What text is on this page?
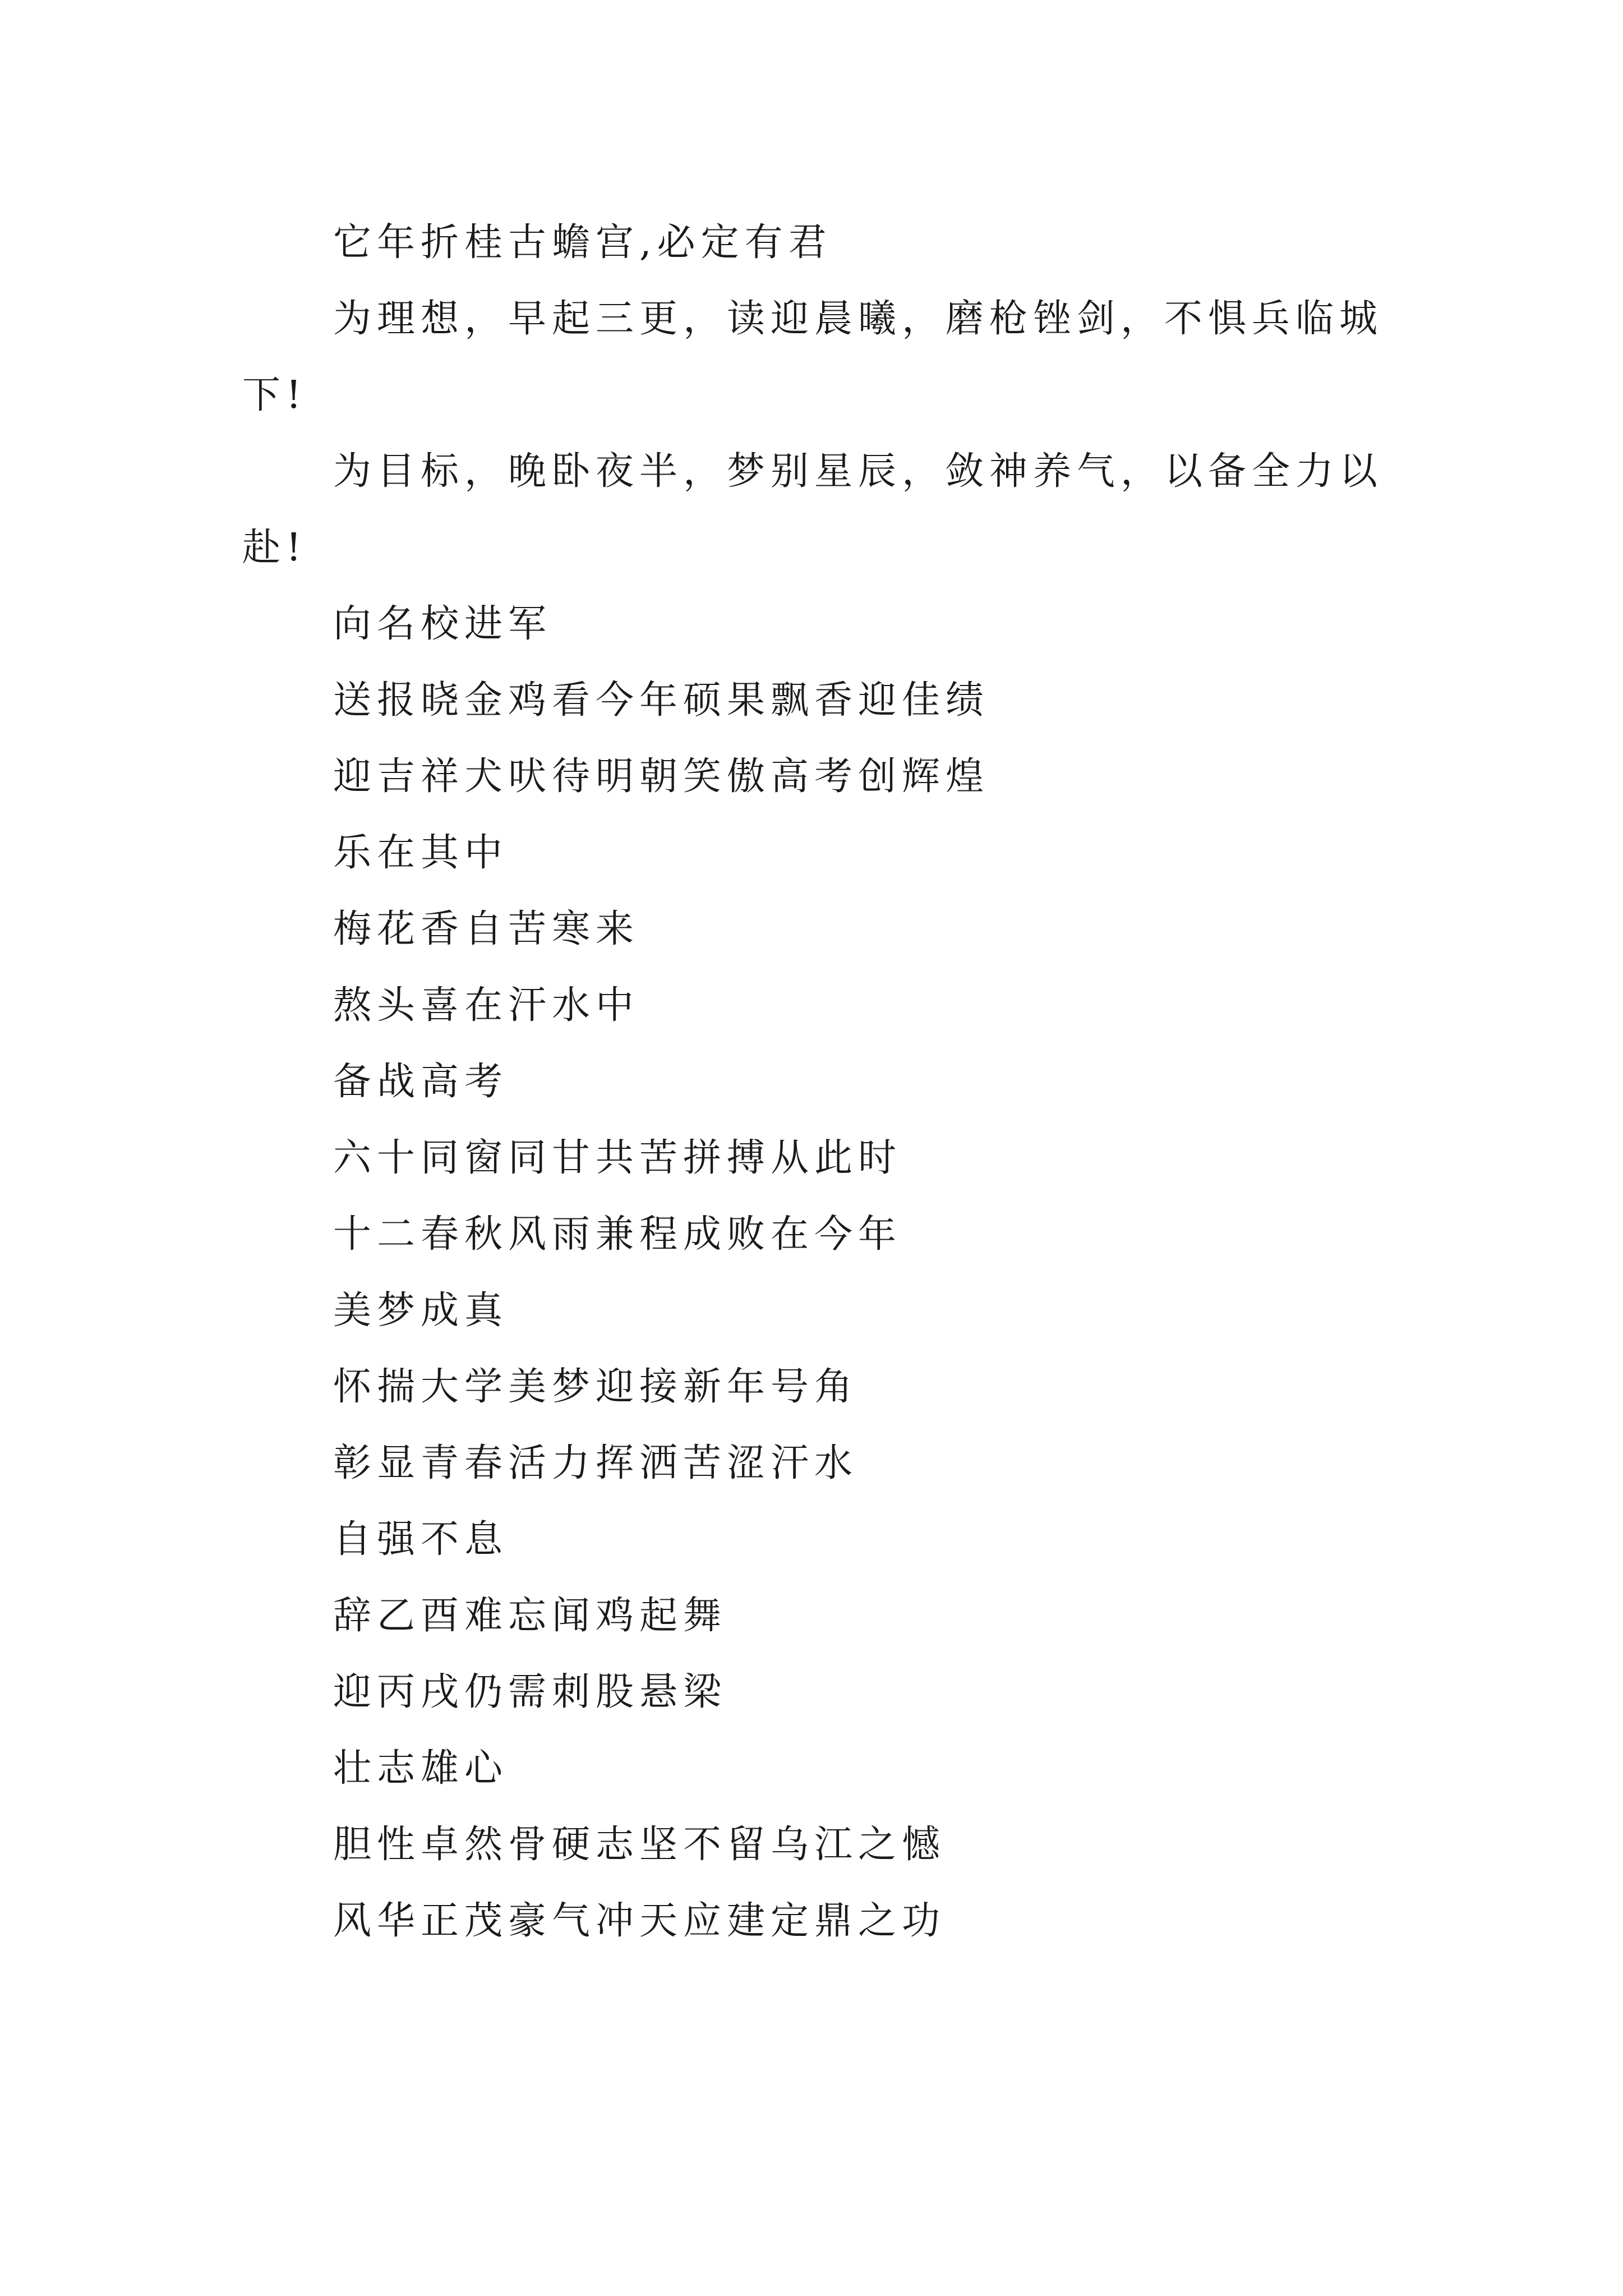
它年折桂古蟾宫,必定有君

为理想，早起三更，读迎晨曦，磨枪锉剑，不惧兵临城下!

为目标，晚卧夜半，梦别星辰，敛神养气，以备全力以赴!

向名校进军

送报晓金鸡看今年硕果飘香迎佳绩

迎吉祥犬吠待明朝笑傲高考创辉煌

乐在其中

梅花香自苦寒来

熬头喜在汗水中

备战高考

六十同窗同甘共苦拼搏从此时

十二春秋风雨兼程成败在今年

美梦成真

怀揣大学美梦迎接新年号角

彰显青春活力挥洒苦涩汗水

自强不息

辞乙酉难忘闻鸡起舞

迎丙戌仍需刺股悬梁

壮志雄心

胆性卓然骨硬志坚不留乌江之憾

风华正茂豪气冲天应建定鼎之功
